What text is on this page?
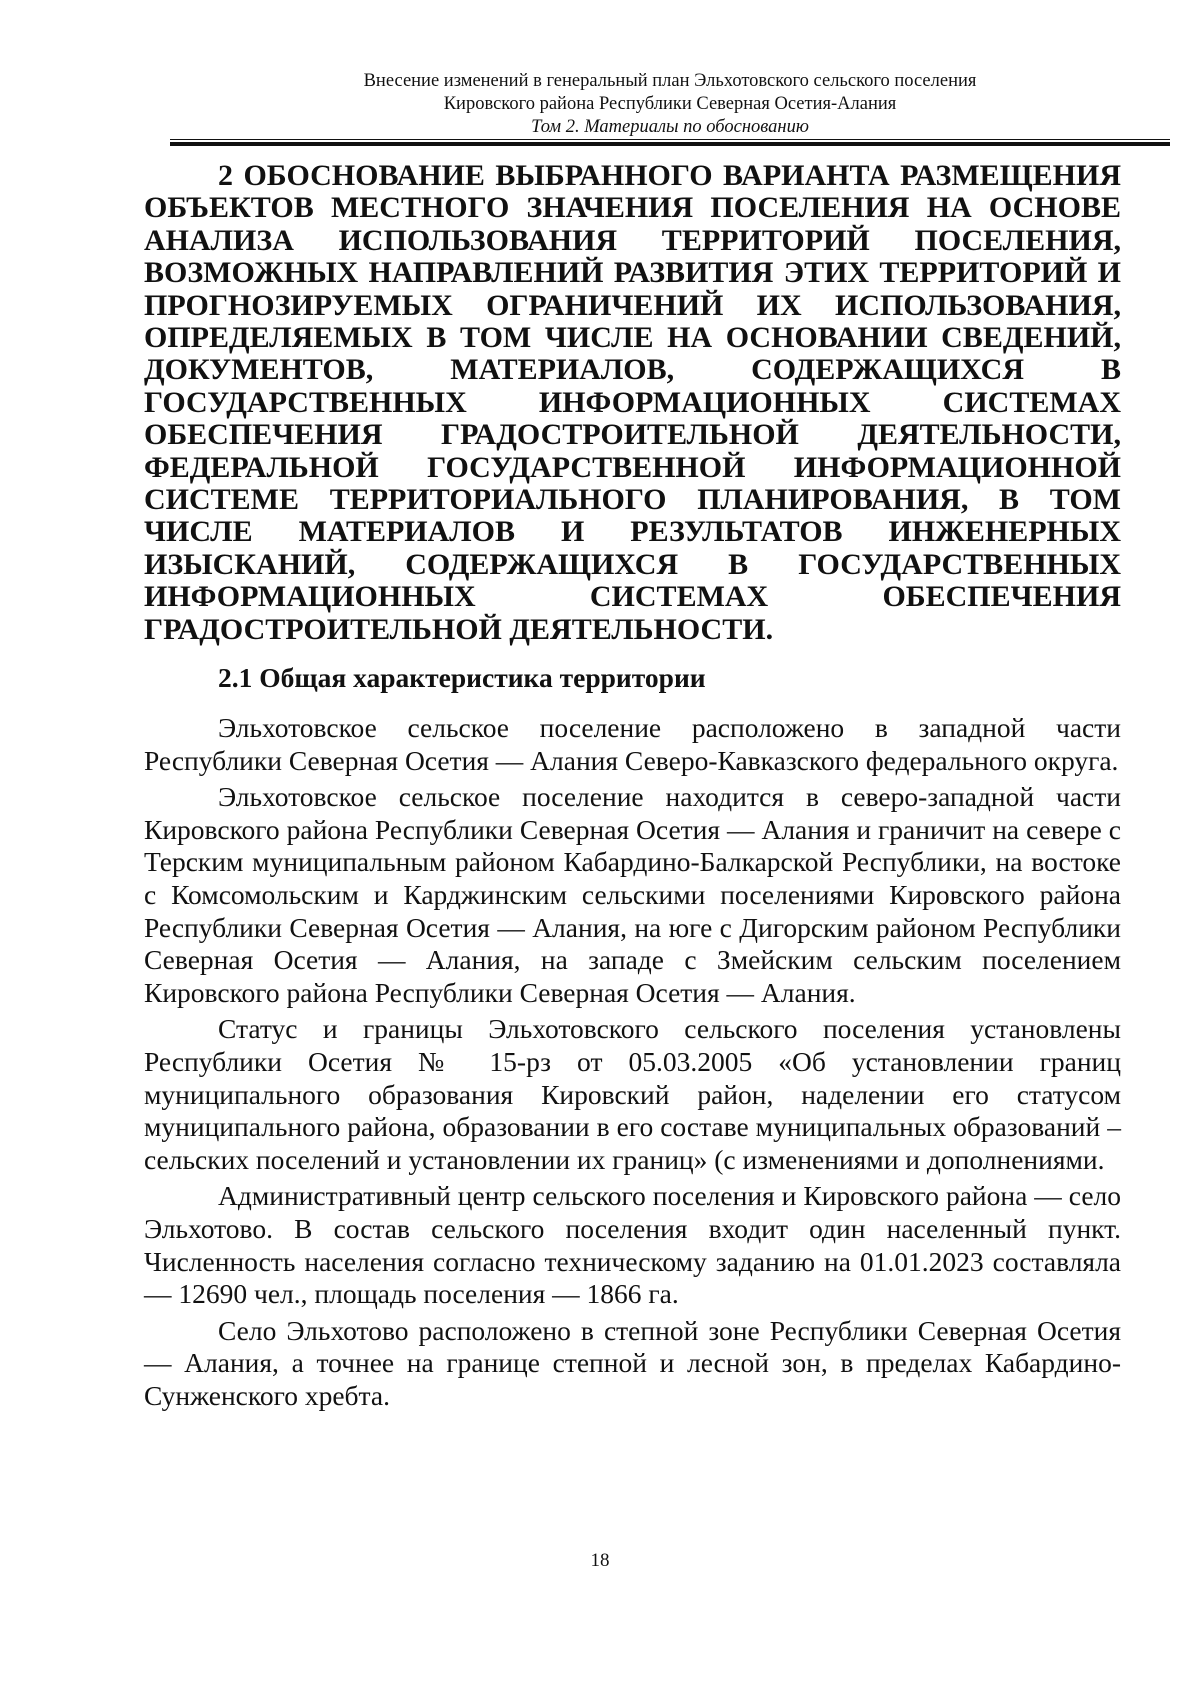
Внесение изменений в генеральный план Эльхотовского сельского поселения
Кировского района Республики Северная Осетия-Алания
Том 2. Материалы по обоснованию
2 ОБОСНОВАНИЕ ВЫБРАННОГО ВАРИАНТА РАЗМЕЩЕНИЯ ОБЪЕКТОВ МЕСТНОГО ЗНАЧЕНИЯ ПОСЕЛЕНИЯ НА ОСНОВЕ АНАЛИЗА ИСПОЛЬЗОВАНИЯ ТЕРРИТОРИЙ ПОСЕЛЕНИЯ, ВОЗМОЖНЫХ НАПРАВЛЕНИЙ РАЗВИТИЯ ЭТИХ ТЕРРИТОРИЙ И ПРОГНОЗИРУЕМЫХ ОГРАНИЧЕНИЙ ИХ ИСПОЛЬЗОВАНИЯ, ОПРЕДЕЛЯЕМЫХ В ТОМ ЧИСЛЕ НА ОСНОВАНИИ СВЕДЕНИЙ, ДОКУМЕНТОВ, МАТЕРИАЛОВ, СОДЕРЖАЩИХСЯ В ГОСУДАРСТВЕННЫХ ИНФОРМАЦИОННЫХ СИСТЕМАХ ОБЕСПЕЧЕНИЯ ГРАДОСТРОИТЕЛЬНОЙ ДЕЯТЕЛЬНОСТИ, ФЕДЕРАЛЬНОЙ ГОСУДАРСТВЕННОЙ ИНФОРМАЦИОННОЙ СИСТЕМЕ ТЕРРИТОРИАЛЬНОГО ПЛАНИРОВАНИЯ, В ТОМ ЧИСЛЕ МАТЕРИАЛОВ И РЕЗУЛЬТАТОВ ИНЖЕНЕРНЫХ ИЗЫСКАНИЙ, СОДЕРЖАЩИХСЯ В ГОСУДАРСТВЕННЫХ ИНФОРМАЦИОННЫХ СИСТЕМАХ ОБЕСПЕЧЕНИЯ ГРАДОСТРОИТЕЛЬНОЙ ДЕЯТЕЛЬНОСТИ.
2.1 Общая характеристика территории

Эльхотовское сельское поселение расположено в западной части Республики Северная Осетия — Алания Северо-Кавказского федерального округа.

Эльхотовское сельское поселение находится в северо-западной части Кировского района Республики Северная Осетия — Алания и граничит на севере с Терским муниципальным районом Кабардино-Балкарской Республики, на востоке с Комсомольским и Карджинским сельскими поселениями Кировского района Республики Северная Осетия — Алания, на юге с Дигорским районом Республики Северная Осетия — Алания, на западе с Змейским сельским поселением Кировского района Республики Северная Осетия — Алания.

Статус и границы Эльхотовского сельского поселения установлены Республики Осетия № 15-рз от 05.03.2005 «Об установлении границ муниципального образования Кировский район, наделении его статусом муниципального района, образовании в его составе муниципальных образований – сельских поселений и установлении их границ» (с изменениями и дополнениями.

Административный центр сельского поселения и Кировского района — село Эльхотово. В состав сельского поселения входит один населенный пункт. Численность населения согласно техническому заданию на 01.01.2023 составляла — 12690 чел., площадь поселения — 1866 га.

Село Эльхотово расположено в степной зоне Республики Северная Осетия — Алания, а точнее на границе степной и лесной зон, в пределах Кабардино-Сунженского хребта.

18
